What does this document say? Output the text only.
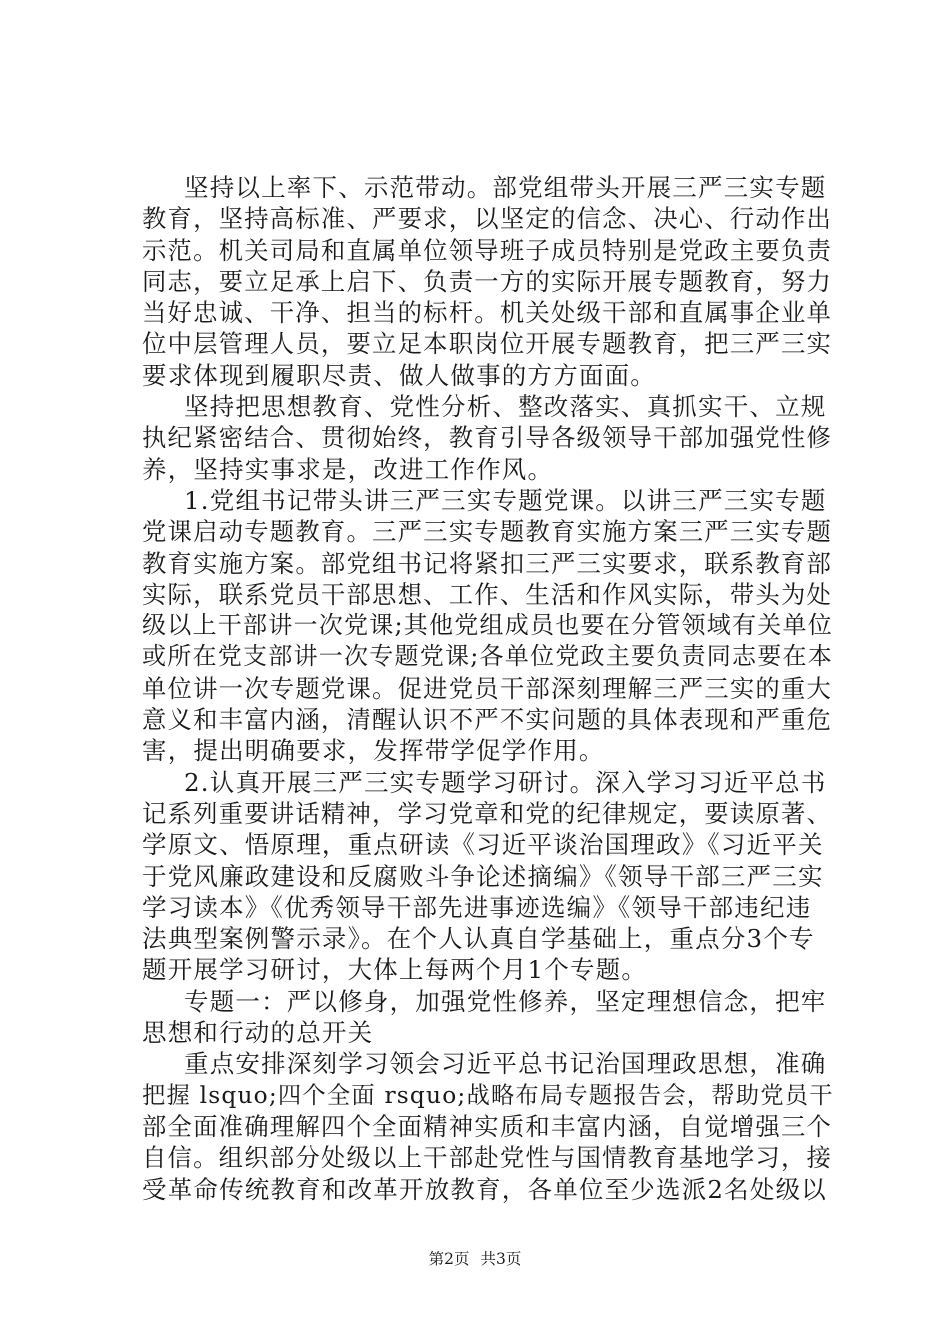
坚持以上率下、示范带动。部党组带头开展三严三实专题
教育，坚持高标准、严要求，以坚定的信念、决心、行动作出
示范。机关司局和直属单位领导班子成员特别是党政主要负责
同志，要立足承上启下、负责一方的实际开展专题教育，努力
当好忠诚、干净、担当的标杆。机关处级干部和直属事企业单
位中层管理人员，要立足本职岗位开展专题教育，把三严三实
要求体现到履职尽责、做人做事的方方面面。
坚持把思想教育、党性分析、整改落实、真抓实干、立规
执纪紧密结合、贯彻始终，教育引导各级领导干部加强党性修
养，坚持实事求是，改进工作作风。
1.党组书记带头讲三严三实专题党课。以讲三严三实专题
党课启动专题教育。三严三实专题教育实施方案三严三实专题
教育实施方案。部党组书记将紧扣三严三实要求，联系教育部
实际，联系党员干部思想、工作、生活和作风实际，带头为处
级以上干部讲一次党课;其他党组成员也要在分管领域有关单位
或所在党支部讲一次专题党课;各单位党政主要负责同志要在本
单位讲一次专题党课。促进党员干部深刻理解三严三实的重大
意义和丰富内涵，清醒认识不严不实问题的具体表现和严重危
害，提出明确要求，发挥带学促学作用。
2.认真开展三严三实专题学习研讨。深入学习习近平总书
记系列重要讲话精神，学习党章和党的纪律规定，要读原著、
学原文、悟原理，重点研读《习近平谈治国理政》《习近平关
于党风廉政建设和反腐败斗争论述摘编》《领导干部三严三实
学习读本》《优秀领导干部先进事迹选编》《领导干部违纪违
法典型案例警示录》。在个人认真自学基础上，重点分3个专
题开展学习研讨，大体上每两个月1个专题。
专题一：严以修身，加强党性修养，坚定理想信念，把牢
思想和行动的总开关
重点安排深刻学习领会习近平总书记治国理政思想，准确
把握 lsquo;四个全面 rsquo;战略布局专题报告会，帮助党员干
部全面准确理解四个全面精神实质和丰富内涵，自觉增强三个
自信。组织部分处级以上干部赴党性与国情教育基地学习，接
受革命传统教育和改革开放教育，各单位至少选派2名处级以
第2页 共3页
